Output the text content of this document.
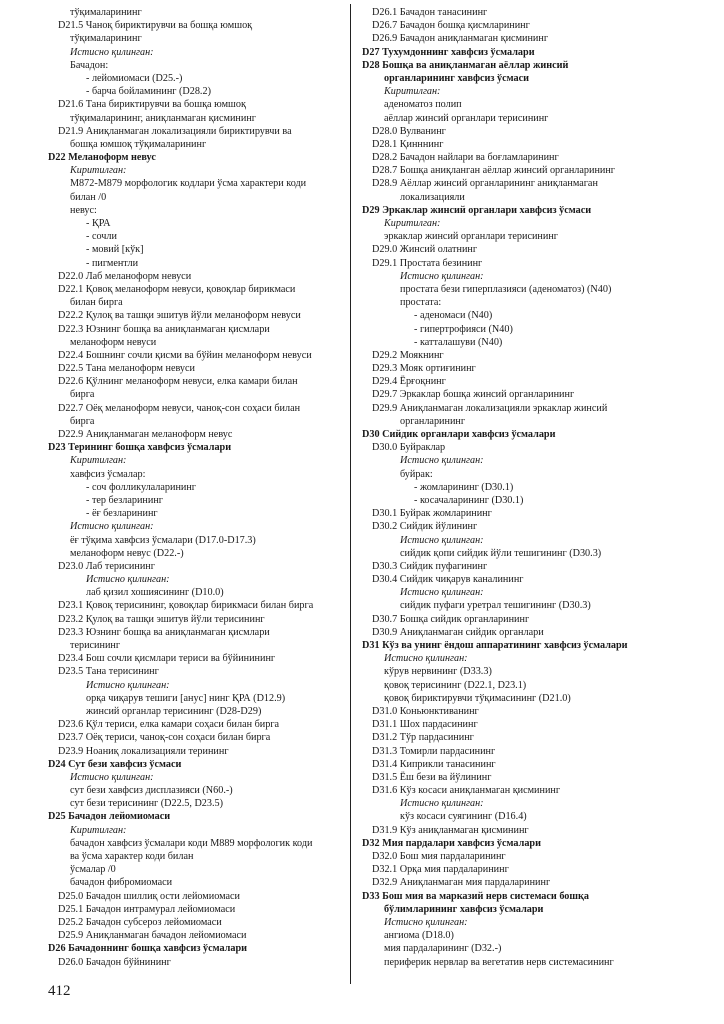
тўқималарининг
D21.5 Чаноқ бириктирувчи ва бошқа юмшоқ
тўқималарининг
Истисно қилинган:
Бачадон:
- лейомиомаси (D25.-)
- барча бойламининг (D28.2)
D21.6 Тана бириктирувчи ва бошқа юмшоқ
тўқималарининг, аниқланмаган қисмининг
D21.9 Аниқланмаган локализацияли бириктирувчи ва
бошқа юмшоқ тўқималарининг
D22 Меланоформ невус
Киритилган:
М872-М879 морфологик кодлари ўсма характери коди
билан /0
невус:
- ҚРА
- сочли
- мовий [кўк]
- пигментли
D22.0 Лаб меланоформ невуси
D22.1 Қовоқ меланоформ невуси, қовоқлар бирикмаси
билан бирга
D22.2 Қулоқ ва ташқи эшитув йўли меланоформ невуси
D22.3 Юзнинг бошқа ва аниқланмаган қисмлари
меланоформ невуси
D22.4 Бошнинг сочли қисми ва бўйин меланоформ невуси
D22.5 Тана меланоформ невуси
D22.6 Қўлнинг меланоформ невуси, елка камари билан
бирга
D22.7 Оёқ меланоформ невуси, чаноқ-сон соҳаси билан
бирга
D22.9 Аниқланмаган меланоформ невус
D23 Терининг бошқа хавфсиз ўсмалари
Киритилган:
хавфсиз ўсмалар:
- соч фолликулаларининг
- тер безларининг
- ёғ безларининг
Истисно қилинган:
ёғ тўқима хавфсиз ўсмалари (D17.0-D17.3)
меланоформ невус (D22.-)
D23.0 Лаб терисининг
Истисно қилинган:
лаб қизил хошиясининг (D10.0)
D23.1 Қовоқ терисининг, қовоқлар бирикмаси билан бирга
D23.2 Қулоқ ва ташқи эшитув йўли терисининг
D23.3 Юзнинг бошқа ва аниқланмаган қисмлари
терисининг
D23.4 Бош сочли қисмлари териси ва бўйинининг
D23.5 Тана терисининг
Истисно қилинган:
орқа чиқарув тешиги [ануc] нинг ҚРА (D12.9)
жинсий органлар терисининг (D28-D29)
D23.6 Қўл териси, елка камари соҳаси билан бирга
D23.7 Оёқ териси, чаноқ-сон соҳаси билан бирга
D23.9 Ноаниқ локализацияли терининг
D24 Сут бези хавфсиз ўсмаси
Истисно қилинган:
сут бези хавфсиз дисплазияси (N60.-)
сут бези терисининг (D22.5, D23.5)
D25 Бачадон лейомиомаси
Киритилган:
бачадон хавфсиз ўсмалари коди М889 морфологик коди
ва ўсма характер коди билан
ўсмалар /0
бачадон фибромиомаси
D25.0 Бачадон шиллиқ ости лейомиомаси
D25.1 Бачадон интрамурал лейомиомаси
D25.2 Бачадон субсероз лейомиомаси
D25.9 Аниқланмаган бачадон лейомиомаси
D26 Бачадоннинг бошқа хавфсиз ўсмалари
D26.0 Бачадон бўйнининг
D26.1 Бачадон танасининг
D26.7 Бачадон бошқа қисмларининг
D26.9 Бачадон аниқланмаган қисмининг
D27 Тухумдоннинг хавфсиз ўсмалари
D28 Бошқа ва аниқланмаган аёллар жинсий
органларининг хавфсиз ўсмаси
Киритилган:
аденоматоз полип
аёллар жинсий органлари терисининг
D28.0 Вулванинг
D28.1 Қинннинг
D28.2 Бачадон найлари ва боғламларининг
D28.7 Бошқа аниқланган аёллар жинсий органларининг
D28.9 Аёллар жинсий органларининг аниқланмаган
локализацияли
D29 Эркаклар жинсий органлари хавфсиз ўсмаси
Киритилган:
эркаклар жинсий органлари терисининг
D29.0 Жинсий олатнинг
D29.1 Простата безининг
Истисно қилинган:
простата бези гиперплазияси (аденоматоз) (N40)
простата:
- аденомаси (N40)
- гипертрофияси (N40)
- катталашуви (N40)
D29.2 Моякнинг
D29.3 Мояк ортиғининг
D29.4 Ёрғоқнинг
D29.7 Эркаклар бошқа жинсий органларининг
D29.9 Аниқланмаган локализацияли эркаклар жинсий
органларининг
D30 Сийдик органлари хавфсиз ўсмалари
D30.0 Буйраклар
Истисно қилинган:
буйрак:
- жомларининг (D30.1)
- косачаларининг (D30.1)
D30.1 Буйрак жомларининг
D30.2 Сийдик йўлининг
Истисно қилинган:
сийдик қопи сийдик йўли тешигининг (D30.3)
D30.3 Сийдик пуфагининг
D30.4 Сийдик чиқарув каналининг
Истисно қилинган:
сийдик пуфаги уретрал тешигининг (D30.3)
D30.7 Бошқа сийдик органларининг
D30.9 Аниқланмаган сийдик органлари
D31 Кўз ва унинг ёндош аппаратининг хавфсиз ўсмалари
Истисно қилинган:
кўрув нервининг (D33.3)
қовоқ терисининг (D22.1, D23.1)
қовоқ бириктирувчи тўқимасининг (D21.0)
D31.0 Коньюнктиванинг
D31.1 Шох пардасининг
D31.2 Тўр пардасининг
D31.3 Томирли пардасининг
D31.4 Киприкли танасининг
D31.5 Ёш бези ва йўлининг
D31.6 Кўз косаси аниқланмаган қисмининг
Истисно қилинган:
кўз косаси суягининг (D16.4)
D31.9 Кўз аниқланмаган қисмининг
D32 Мия пардалари хавфсиз ўсмалари
D32.0 Бош мия пардаларининг
D32.1 Орқа мия пардаларининг
D32.9 Аниқланмаган мия пардаларининг
D33 Бош мия ва марказий нерв системаси бошқа
бўлимларининг хавфсиз ўсмалари
Истисно қилинган:
ангиома (D18.0)
мия пардаларининг (D32.-)
периферик нервлар ва вегетатив нерв системасининг
412
